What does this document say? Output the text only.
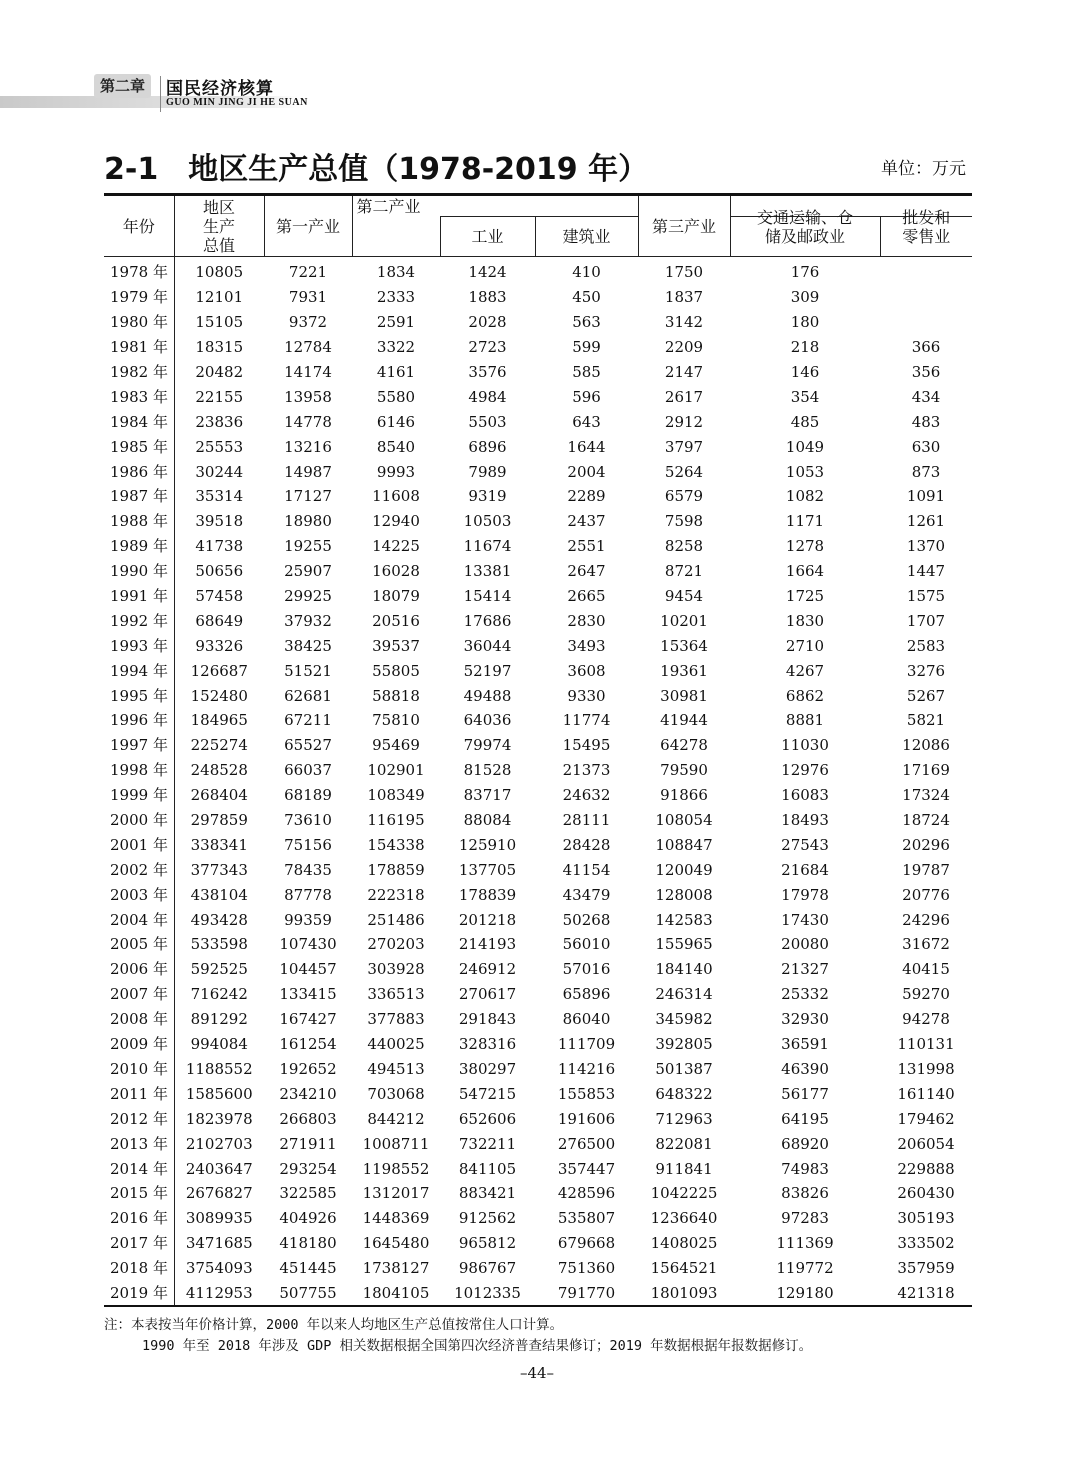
第二章	国民经济核算
GUO MIN JING JI HE SUAN
2-1　地区生产总值（1978-2019 年）	单位：万元
年份	地区生产总值	第一产业	第二产业			第三产业		
				工业	建筑业		交通运输、仓储及邮政业	批发和零售业
1978 年	10805	7221	1834	1424	410	1750	176	
1979 年	12101	7931	2333	1883	450	1837	309	
1980 年	15105	9372	2591	2028	563	3142	180	
1981 年	18315	12784	3322	2723	599	2209	218	366
1982 年	20482	14174	4161	3576	585	2147	146	356
1983 年	22155	13958	5580	4984	596	2617	354	434
1984 年	23836	14778	6146	5503	643	2912	485	483
1985 年	25553	13216	8540	6896	1644	3797	1049	630
1986 年	30244	14987	9993	7989	2004	5264	1053	873
1987 年	35314	17127	11608	9319	2289	6579	1082	1091
1988 年	39518	18980	12940	10503	2437	7598	1171	1261
1989 年	41738	19255	14225	11674	2551	8258	1278	1370
1990 年	50656	25907	16028	13381	2647	8721	1664	1447
1991 年	57458	29925	18079	15414	2665	9454	1725	1575
1992 年	68649	37932	20516	17686	2830	10201	1830	1707
1993 年	93326	38425	39537	36044	3493	15364	2710	2583
1994 年	126687	51521	55805	52197	3608	19361	4267	3276
1995 年	152480	62681	58818	49488	9330	30981	6862	5267
1996 年	184965	67211	75810	64036	11774	41944	8881	5821
1997 年	225274	65527	95469	79974	15495	64278	11030	12086
1998 年	248528	66037	102901	81528	21373	79590	12976	17169
1999 年	268404	68189	108349	83717	24632	91866	16083	17324
2000 年	297859	73610	116195	88084	28111	108054	18493	18724
2001 年	338341	75156	154338	125910	28428	108847	27543	20296
2002 年	377343	78435	178859	137705	41154	120049	21684	19787
2003 年	438104	87778	222318	178839	43479	128008	17978	20776
2004 年	493428	99359	251486	201218	50268	142583	17430	24296
2005 年	533598	107430	270203	214193	56010	155965	20080	31672
2006 年	592525	104457	303928	246912	57016	184140	21327	40415
2007 年	716242	133415	336513	270617	65896	246314	25332	59270
2008 年	891292	167427	377883	291843	86040	345982	32930	94278
2009 年	994084	161254	440025	328316	111709	392805	36591	110131
2010 年	1188552	192652	494513	380297	114216	501387	46390	131998
2011 年	1585600	234210	703068	547215	155853	648322	56177	161140
2012 年	1823978	266803	844212	652606	191606	712963	64195	179462
2013 年	2102703	271911	1008711	732211	276500	822081	68920	206054
2014 年	2403647	293254	1198552	841105	357447	911841	74983	229888
2015 年	2676827	322585	1312017	883421	428596	1042225	83826	260430
2016 年	3089935	404926	1448369	912562	535807	1236640	97283	305193
2017 年	3471685	418180	1645480	965812	679668	1408025	111369	333502
2018 年	3754093	451445	1738127	986767	751360	1564521	119772	357959
2019 年	4112953	507755	1804105	1012335	791770	1801093	129180	421318
注：本表按当年价格计算，2000 年以来人均地区生产总值按常住人口计算。
1990 年至 2018 年涉及 GDP 相关数据根据全国第四次经济普查结果修订；2019 年数据根据年报数据修订。
–44–
